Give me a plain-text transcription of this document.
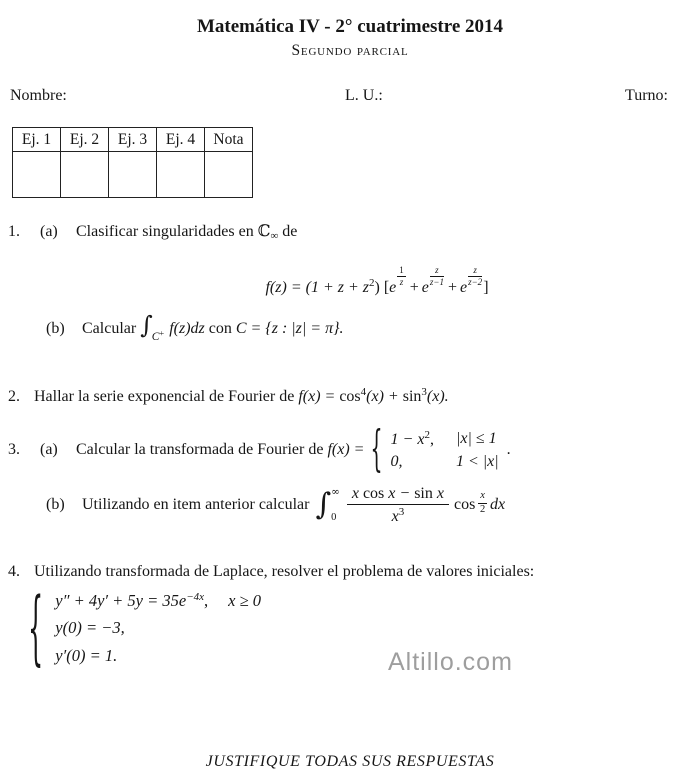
Matemática IV - 2° cuatrimestre 2014
Segundo parcial
Nombre:	L. U.:	Turno:
Ej. 1	Ej. 2	Ej. 3	Ej. 4	Nota

1. (a) Clasificar singularidades en ℂ$_\infty$ de
$f(z) = (1 + z + z^2)$ [e
$\frac{1}{z}$
+ e
$\frac{z}{z-1}$
+ e
$\frac{z}{z-2}$
]
(b) Calcular $\int_{C^+}$ f(z)dz con C = {z : |z| = π}.
2. Hallar la serie exponencial de Fourier de $f(x) = \cos^4(x) + \sin^3(x)$.
3. (a) Calcular la transformada de Fourier de f(x) = { $1 - x^2$, |x| ≤ 1
0,	1 < |x|
.
(b) Utilizando en item anterior calcular ∫ ∞
$0 \frac{\text{x cos x − sin x}}{x^3}$ $\cos \frac{x}{2}$ dx
4. Utilizando transformada de Laplace, resolver el problema de valores iniciales:
{ $y'' + 4y' + 5y = 35e^{-4x}$, x ≥ 0
y(0) = −3,
y′(0) = 1.	Altillo.com
JUSTIFIQUE TODAS SUS RESPUESTAS
